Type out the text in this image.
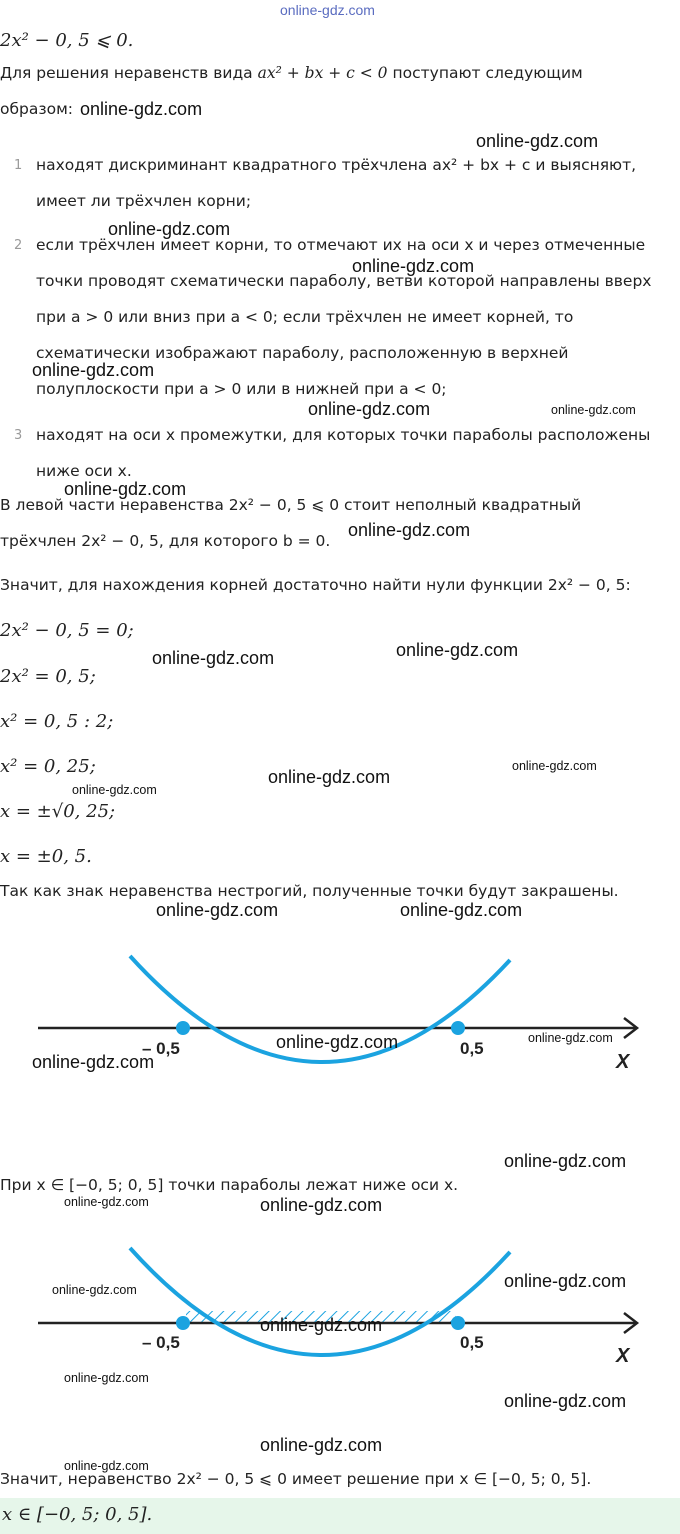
online-gdz.com
2x² − 0, 5 ⩽ 0.
Для решения неравенств вида ax² + bx + c < 0 поступают следующим
образом:
1 находят дискриминант квадратного трёхчлена ax² + bx + c и выясняют,
имеет ли трёхчлен корни;
2 если трёхчлен имеет корни, то отмечают их на оси x и через отмеченные
точки проводят схематически параболу, ветви которой направлены вверх
при a > 0 или вниз при a < 0; если трёхчлен не имеет корней, то
схематически изображают параболу, расположенную в верхней
полуплоскости при a > 0 или в нижней при a < 0;
3 находят на оси x промежутки, для которых точки параболы расположены
ниже оси x.
В левой части неравенства 2x² − 0, 5 ⩽ 0 стоит неполный квадратный
трёхчлен 2x² − 0, 5, для которого b = 0.
Значит, для нахождения корней достаточно найти нули функции 2x² − 0, 5:
2x² − 0, 5 = 0;
2x² = 0, 5;
x² = 0, 5 : 2;
x² = 0, 25;
x = ±√0, 25;
x = ±0, 5.
Так как знак неравенства нестрогий, полученные точки будут закрашены.
– 0,5	0,5
X
При x ∈ [−0, 5; 0, 5] точки параболы лежат ниже оси x.
– 0,5	0,5
X
Значит, неравенство 2x² − 0, 5 ⩽ 0 имеет решение при x ∈ [−0, 5; 0, 5].
x ∈ [−0, 5; 0, 5].
online-gdz.com
online-gdz.com
online-gdz.com
online-gdz.com
online-gdz.com
online-gdz.com	online-gdz.com
online-gdz.com
online-gdz.com
online-gdz.com	online-gdz.com
online-gdz.com
online-gdz.com
online-gdz.com
online-gdz.com	online-gdz.com
online-gdz.com	online-gdz.com
online-gdz.com
online-gdz.com
online-gdz.com	online-gdz.com
online-gdz.com
online-gdz.com
online-gdz.com
online-gdz.com
online-gdz.com
online-gdz.com
online-gdz.com
